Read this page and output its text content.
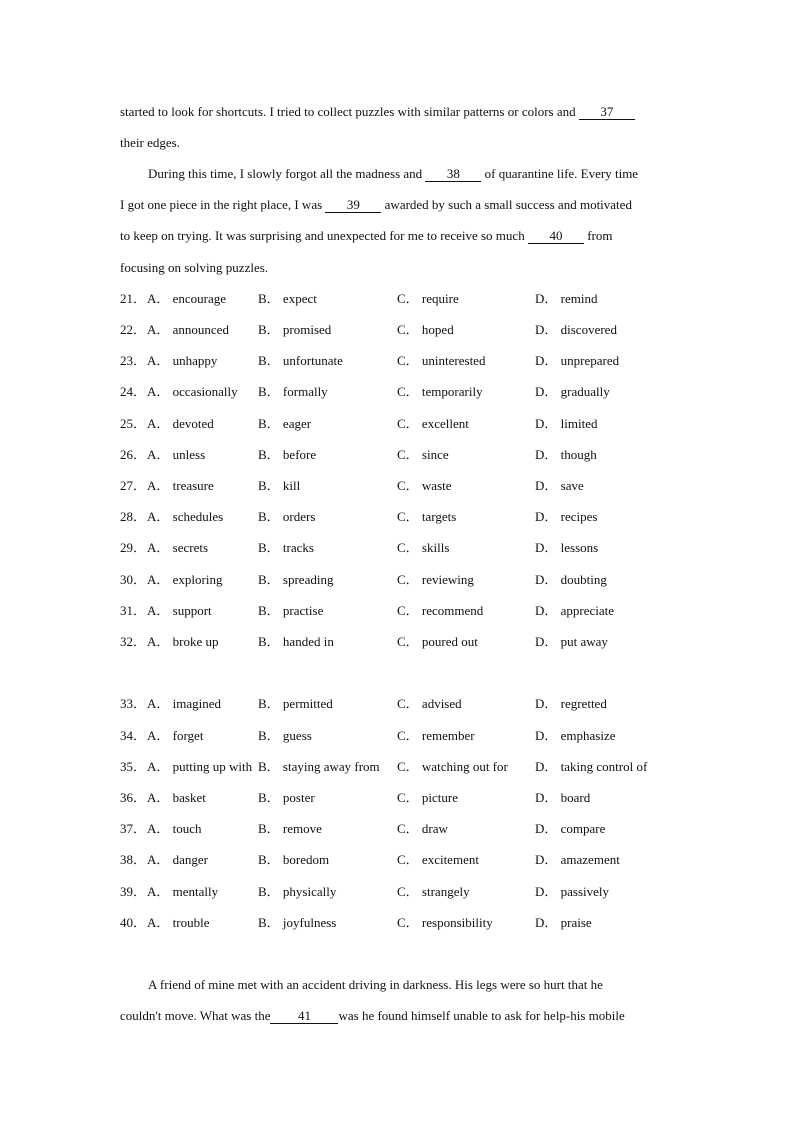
started to look for shortcuts. I tried to collect puzzles with similar patterns or colors and 37
their edges.
During this time, I slowly forgot all the madness and 38 of quarantine life. Every time
I got one piece in the right place, I was 39 awarded by such a small success and motivated
to keep on trying. It was surprising and unexpected for me to receive so much 40 from
focusing on solving puzzles.
21． A． encourage B． expect	C． require	D． remind
22． A． announced B． promised	C． hoped	D． discovered
23． A． unhappy	B． unfortunate	C． uninterested	D． unprepared
24． A． occasionally B． formally	C． temporarily	D． gradually
25． A． devoted	B． eager	C． excellent	D． limited
26． A． unless	B． before	C． since	D． though
27． A． treasure	B． kill	C． waste	D． save
28． A． schedules	B． orders	C． targets	D． recipes
29． A． secrets	B． tracks	C． skills	D． lessons
30． A． exploring	B． spreading	C． reviewing	D． doubting
31． A． support	B． practise	C． recommend	D． appreciate
32． A． broke up	B． handed in	C． poured out	D． put away
33． A． imagined	B． permitted	C． advised	D． regretted
34． A． forget	B． guess	C． remember	D． emphasize
35． A． putting up with B． staying away from C． watching out for D． taking control of
36． A． basket	B． poster	C． picture	D． board
37． A． touch	B． remove	C． draw	D． compare
38． A． danger	B． boredom	C． excitement	D． amazement
39． A． mentally	B． physically	C． strangely	D． passively
40． A． trouble	B． joyfulness	C． responsibility	D． praise
A friend of mine met with an accident driving in darkness. His legs were so hurt that he
couldn't move. What was the 41 was he found himself unable to ask for help-his mobile
